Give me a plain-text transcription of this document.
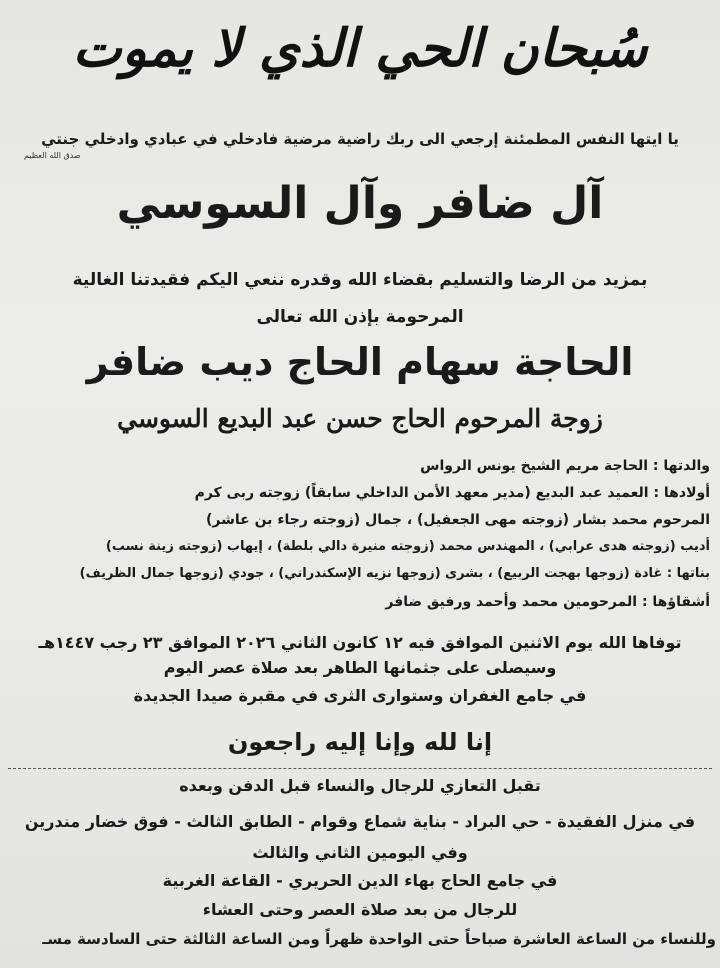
سُبحان الحي الذي لا يموت
يا ايتها النفس المطمئنة إرجعي الى ربك راضية مرضية فادخلي في عبادي وادخلي جنتي
صدق الله العظيم
آل ضافر وآل السوسي
بمزيد من الرضا والتسليم بقضاء الله وقدره ننعي اليكم فقيدتنا الغالية
المرحومة بإذن الله تعالى
الحاجة سهام الحاج ديب ضافر
زوجة المرحوم الحاج حسن عبد البديع السوسي
والدتها : الحاجة مريم الشيخ يونس الرواس
أولادها : العميد عبد البديع (مدير معهد الأمن الداخلي سابقاً) زوجته ربى كرم
المرحوم محمد بشار (زوجته مهى الجعفيل) ، جمال (زوجته رجاء بن عاشر)
أديب (زوجته هدى عرابي) ، المهندس محمد (زوجته منيرة دالي بلطة) ، إيهاب (زوجته زينة نسب)
بناتها : غادة (زوجها بهجت الربيع) ، بشرى (زوجها نزيه الإسكندراني) ، جودي (زوجها جمال الظريف)
أشقاؤها : المرحومين محمد وأحمد ورفيق ضافر
توفاها الله يوم الاثنين الموافق فيه ١٢ كانون الثاني ٢٠٢٦ الموافق ٢٣ رجب ١٤٤٧هـ
وسيصلى على جثمانها الطاهر بعد صلاة عصر اليوم
في جامع الغفران وستوارى الثرى في مقبرة صيدا الجديدة
إنا لله وإنا إليه راجعون
تقبل التعازي للرجال والنساء قبل الدفن وبعده
في منزل الفقيدة - حي البراد - بناية شماع وقوام - الطابق الثالث - فوق خضار مندرين
وفي اليومين الثاني والثالث
في جامع الحاج بهاء الدين الحريري - القاعة الغربية
للرجال من بعد صلاة العصر وحتى العشاء
وللنساء من الساعة العاشرة صباحاً حتى الواحدة ظهراً ومن الساعة الثالثة حتى السادسة مسـ
